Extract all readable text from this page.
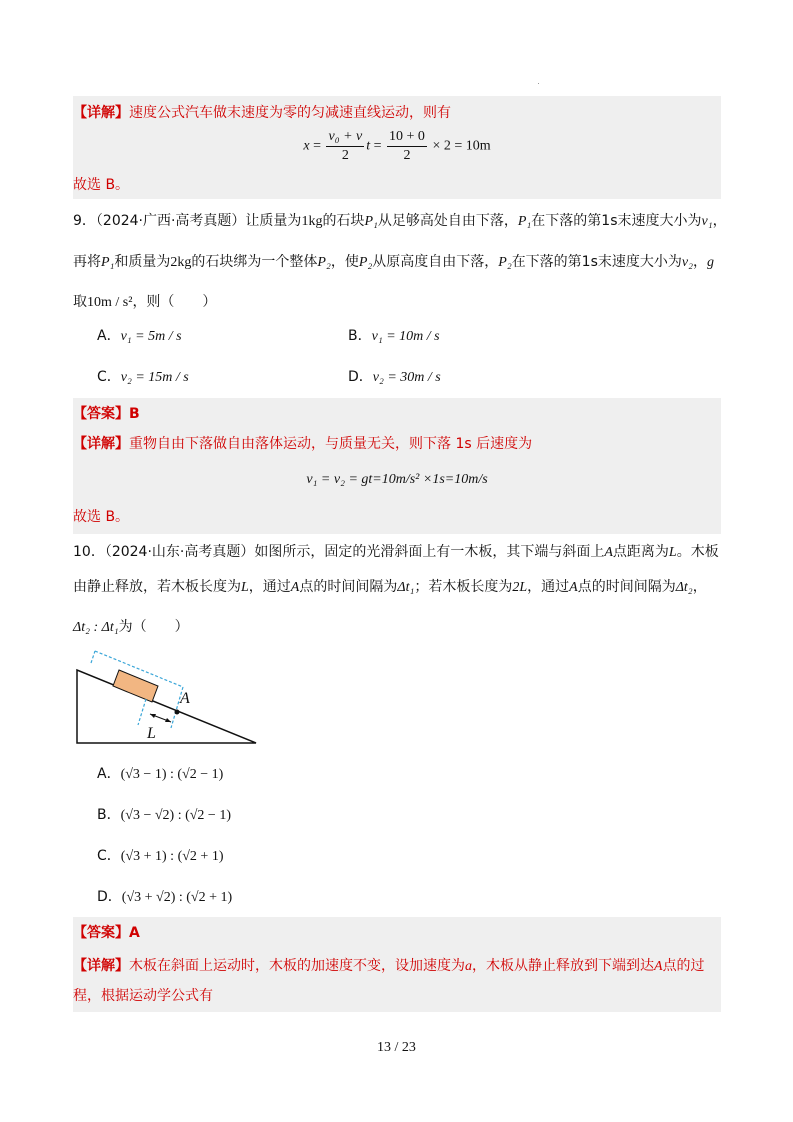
【详解】速度公式汽车做末速度为零的匀减速直线运动，则有
$x = \frac{\text{v₀ + v}}{2}$ $t = \frac{10 + 0}{2} \times 2 = 10m$
故选 B。
9．（2024·广西·高考真题）让质量为1kg的石块P₁从足够高处自由下落，P₁在下落的第1s末速度大小为v₁，
再将P₁和质量为2kg的石块绑为一个整体P₂，使P₂从原高度自由下落，P₂在下落的第1s末速度大小为v₂，g
取10m / s²，则（　　）
A．v₁ = 5m / s	B．v₁ = 10m / s
C．v₂ = 15m / s	D．v₂ = 30m / s
【答案】B
【详解】重物自由下落做自由落体运动，与质量无关，则下落 1s 后速度为
v₁ = v₂ = gt=10m/s² ×1s=10m/s
故选 B。
10．（2024·山东·高考真题）如图所示，固定的光滑斜面上有一木板，其下端与斜面上A点距离为L。木板
由静止释放，若木板长度为L，通过A点的时间间隔为Δt₁；若木板长度为2L，通过A点的时间间隔为Δt₂，
Δt₂ : Δt₁为（　　）
A
L
A．(√3 − 1) : (√2 − 1)
B．(√3 − √2) : (√2 − 1)
C．(√3 + 1) : (√2 + 1)
D．(√3 + √2) : (√2 + 1)
【答案】A
【详解】木板在斜面上运动时，木板的加速度不变，设加速度为a，木板从静止释放到下端到达A点的过
程，根据运动学公式有
13 / 23
